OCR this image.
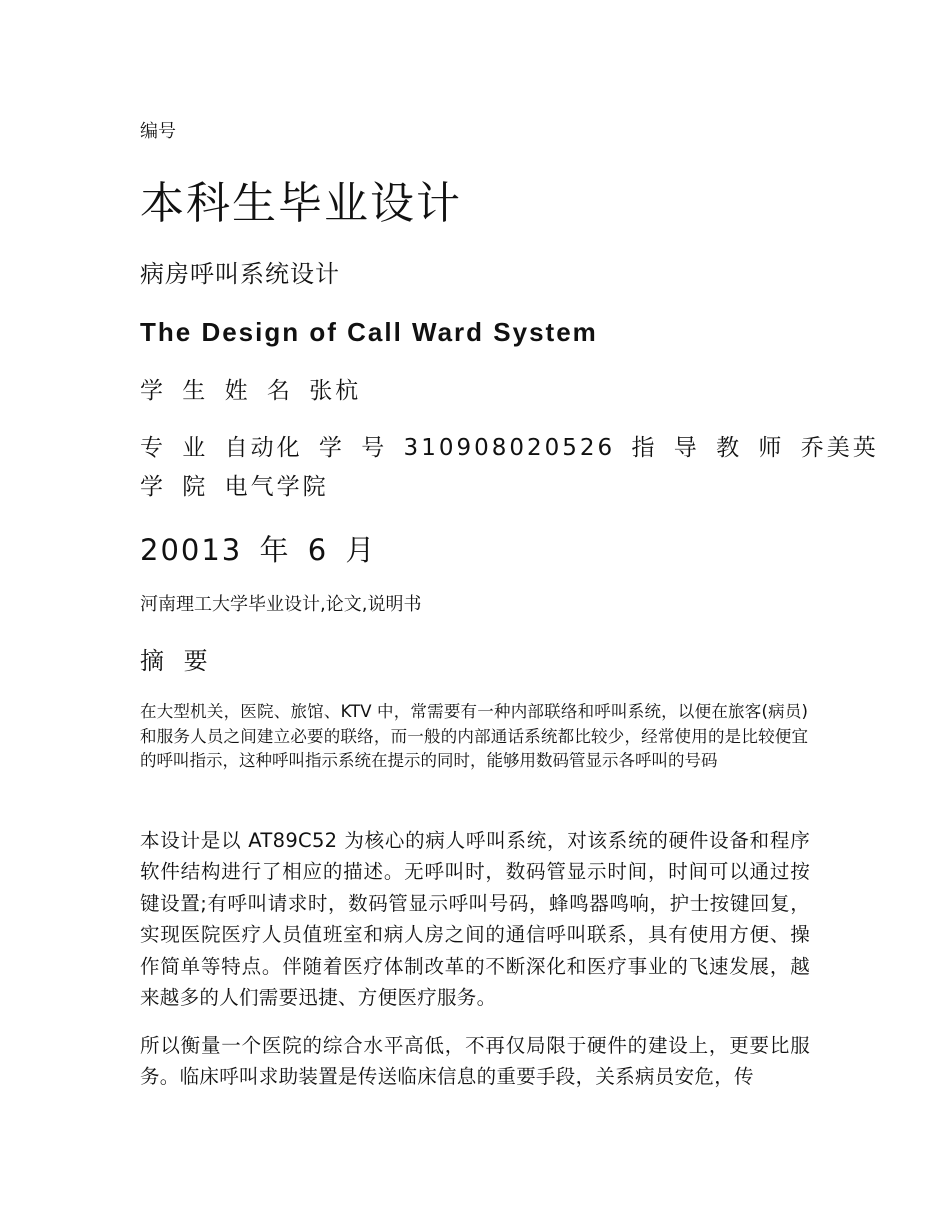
编号
本科生毕业设计
病房呼叫系统设计
The Design of Call Ward System
学 生 姓 名 张杭
专 业 自动化 学 号 310908020526 指 导 教 师 乔美英
学 院 电气学院
20013 年 6 月
河南理工大学毕业设计,论文,说明书
摘 要

在大型机关，医院、旅馆、KTV 中，常需要有一种内部联络和呼叫系统，以便在旅客(病员)和服务人员之间建立必要的联络，而一般的内部通话系统都比较少，经常使用的是比较便宜的呼叫指示，这种呼叫指示系统在提示的同时，能够用数码管显示各呼叫的号码

本设计是以 AT89C52 为核心的病人呼叫系统，对该系统的硬件设备和程序软件结构进行了相应的描述。无呼叫时，数码管显示时间，时间可以通过按键设置;有呼叫请求时，数码管显示呼叫号码，蜂鸣器鸣响，护士按键回复，实现医院医疗人员值班室和病人房之间的通信呼叫联系，具有使用方便、操作简单等特点。伴随着医疗体制改革的不断深化和医疗事业的飞速发展，越来越多的人们需要迅捷、方便医疗服务。

所以衡量一个医院的综合水平高低，不再仅局限于硬件的建设上，更要比服务。临床呼叫求助装置是传送临床信息的重要手段，关系病员安危，传
